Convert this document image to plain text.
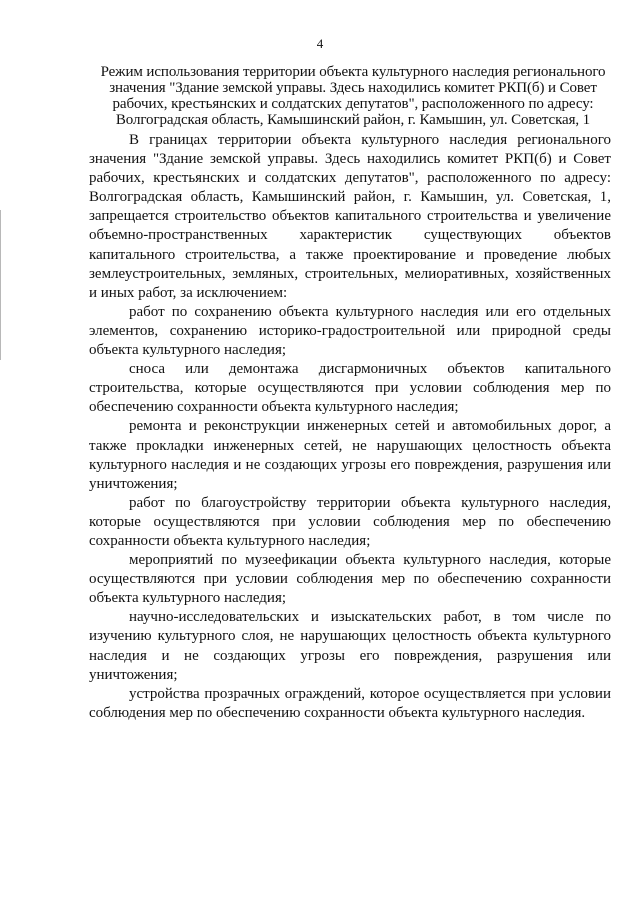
4
Режим использования территории объекта культурного наследия регионального значения "Здание земской управы. Здесь находились комитет РКП(б) и Совет рабочих, крестьянских и солдатских депутатов", расположенного по адресу: Волгоградская область, Камышинский район, г. Камышин, ул. Советская, 1

В границах территории объекта культурного наследия регионального значения "Здание земской управы. Здесь находились комитет РКП(б) и Совет рабочих, крестьянских и солдатских депутатов", расположенного по адресу: Волгоградская область, Камышинский район, г. Камышин, ул. Советская, 1, запрещается строительство объектов капитального строительства и увеличение объемно-пространственных характеристик существующих объектов капитального строительства, а также проектирование и проведение любых землеустроительных, земляных, строительных, мелиоративных, хозяйственных и иных работ, за исключением:

работ по сохранению объекта культурного наследия или его отдельных элементов, сохранению историко-градостроительной или природной среды объекта культурного наследия;

сноса или демонтажа дисгармоничных объектов капитального строительства, которые осуществляются при условии соблюдения мер по обеспечению сохранности объекта культурного наследия;

ремонта и реконструкции инженерных сетей и автомобильных дорог, а также прокладки инженерных сетей, не нарушающих целостность объекта культурного наследия и не создающих угрозы его повреждения, разрушения или уничтожения;

работ по благоустройству территории объекта культурного наследия, которые осуществляются при условии соблюдения мер по обеспечению сохранности объекта культурного наследия;

мероприятий по музеефикации объекта культурного наследия, которые осуществляются при условии соблюдения мер по обеспечению сохранности объекта культурного наследия;

научно-исследовательских и изыскательских работ, в том числе по изучению культурного слоя, не нарушающих целостность объекта культурного наследия и не создающих угрозы его повреждения, разрушения или уничтожения;

устройства прозрачных ограждений, которое осуществляется при условии соблюдения мер по обеспечению сохранности объекта культурного наследия.
